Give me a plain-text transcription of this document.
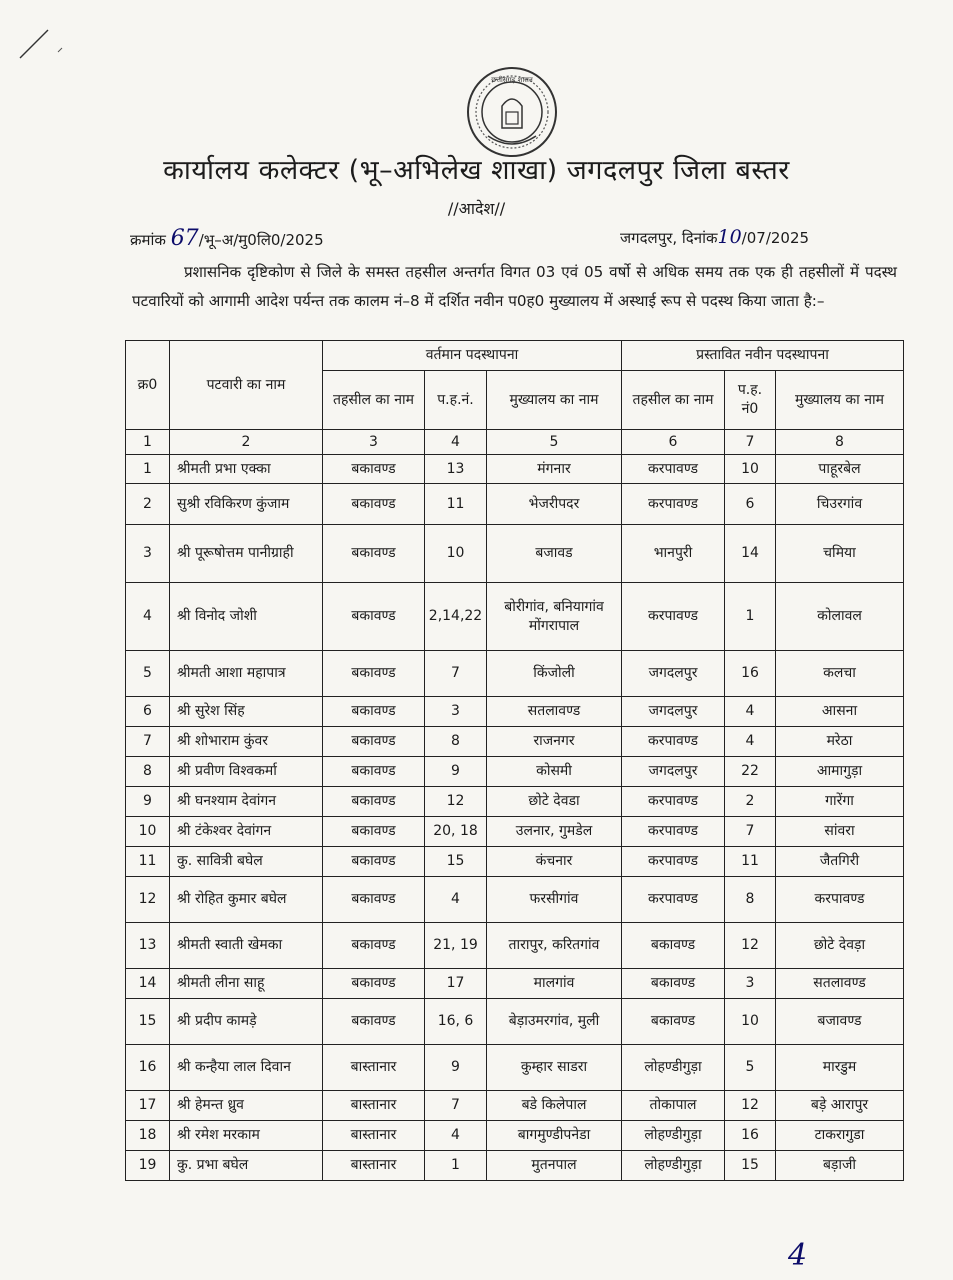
छत्तीसगढ़ शासन
कार्यालय कलेक्टर (भू–अभिलेख शाखा) जगदलपुर जिला बस्तर
//आदेश//
क्रमांक 67/भू–अ/मु0लि0/2025	जगदलपुर, दिनांक10/07/2025
प्रशासनिक दृष्टिकोण से जिले के समस्त तहसील अन्तर्गत विगत 03 एवं 05 वर्षो से अधिक समय तक एक ही तहसीलों में पदस्थ पटवारियों को आगामी आदेश पर्यन्त तक कालम नं–8 में दर्शित नवीन प0ह0 मुख्यालय में अस्थाई रूप से पदस्थ किया जाता है:–
क्र0	पटवारी का नाम	वर्तमान पदस्थापना			प्रस्तावित नवीन पदस्थापना		
		तहसील का नाम	प.ह.नं.	मुख्यालय का नाम	तहसील का नाम	प.ह. नं0	मुख्यालय का नाम
1	2	3	4	5	6	7	8
1	श्रीमती प्रभा एक्का	बकावण्ड	13	मंगनार	करपावण्ड	10	पाहूरबेल
2	सुश्री रविकिरण कुंजाम	बकावण्ड	11	भेजरीपदर	करपावण्ड	6	चिउरगांव
3	श्री पूरूषोत्तम पानीग्राही	बकावण्ड	10	बजावड	भानपुरी	14	चमिया
4	श्री विनोद जोशी	बकावण्ड	2,14,22	बोरीगांव, बनियागांव मोंगरापाल	करपावण्ड	1	कोलावल
5	श्रीमती आशा महापात्र	बकावण्ड	7	किंजोली	जगदलपुर	16	कलचा
6	श्री सुरेश सिंह	बकावण्ड	3	सतलावण्ड	जगदलपुर	4	आसना
7	श्री शोभाराम कुंवर	बकावण्ड	8	राजनगर	करपावण्ड	4	मरेठा
8	श्री प्रवीण विश्वकर्मा	बकावण्ड	9	कोसमी	जगदलपुर	22	आमागुड़ा
9	श्री घनश्याम देवांगन	बकावण्ड	12	छोटे देवडा	करपावण्ड	2	गारेंगा
10	श्री टंकेश्वर देवांगन	बकावण्ड	20, 18	उलनार, गुमडेल	करपावण्ड	7	सांवरा
11	कु. सावित्री बघेल	बकावण्ड	15	कंचनार	करपावण्ड	11	जैतगिरी
12	श्री रोहित कुमार बघेल	बकावण्ड	4	फरसीगांव	करपावण्ड	8	करपावण्ड
13	श्रीमती स्वाती खेमका	बकावण्ड	21, 19	तारापुर, करितगांव	बकावण्ड	12	छोटे देवड़ा
14	श्रीमती लीना साहू	बकावण्ड	17	मालगांव	बकावण्ड	3	सतलावण्ड
15	श्री प्रदीप कामड़े	बकावण्ड	16, 6	बेड़ाउमरगांव, मुली	बकावण्ड	10	बजावण्ड
16	श्री कन्हैया लाल दिवान	बास्तानार	9	कुम्हार साडरा	लोहण्डीगुड़ा	5	मारडुम
17	श्री हेमन्त ध्रुव	बास्तानार	7	बडे किलेपाल	तोकापाल	12	बड़े आरापुर
18	श्री रमेश मरकाम	बास्तानार	4	बागमुण्डीपनेडा	लोहण्डीगुड़ा	16	टाकरागुडा
19	कु. प्रभा बघेल	बास्तानार	1	मुतनपाल	लोहण्डीगुड़ा	15	बड़ाजी
4
